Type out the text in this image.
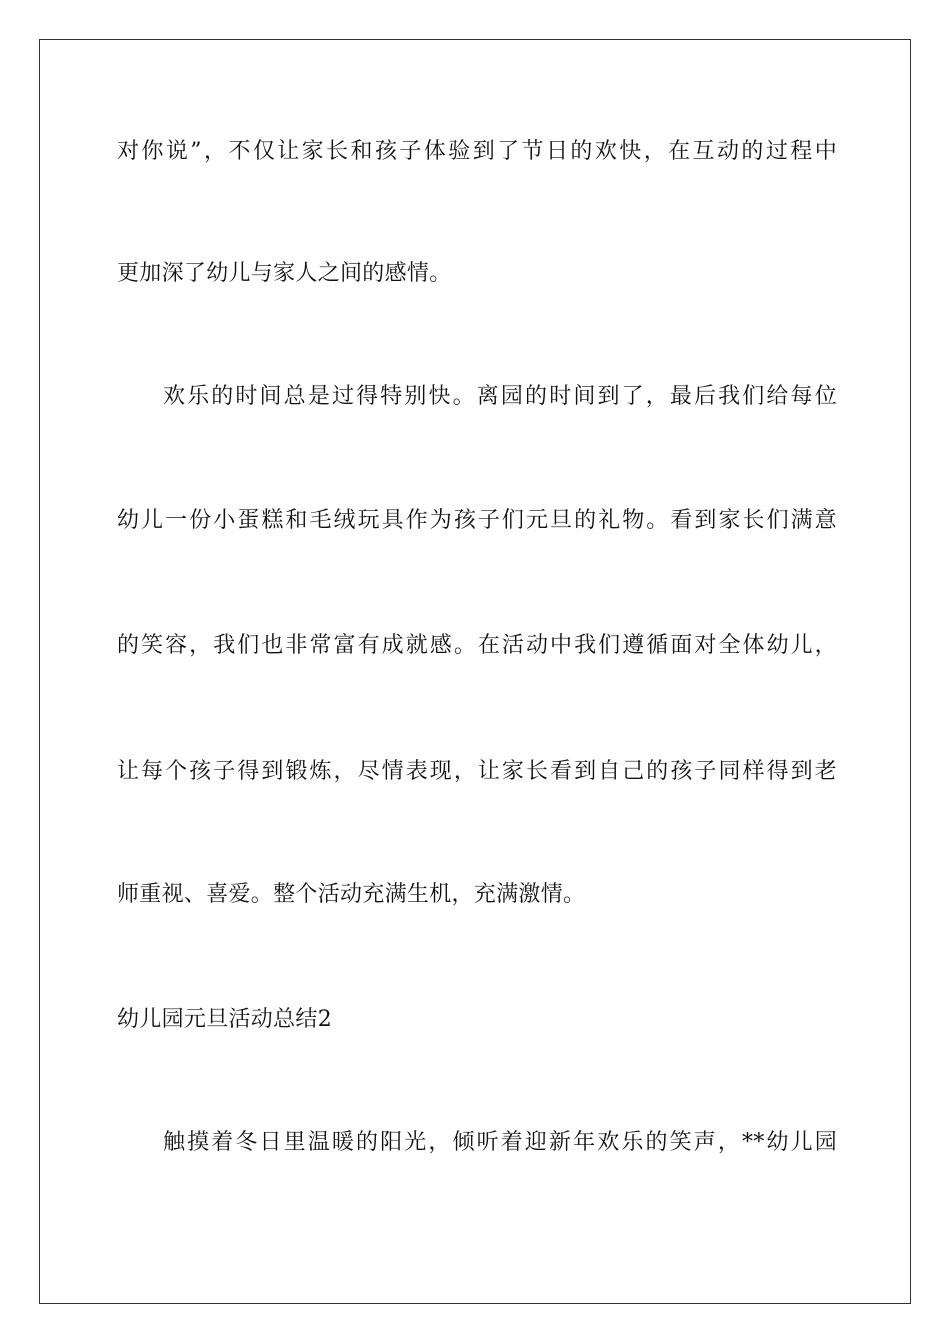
对你说”，不仅让家长和孩子体验到了节日的欢快，在互动的过程中
更加深了幼儿与家人之间的感情。
欢乐的时间总是过得特别快。离园的时间到了，最后我们给每位
幼儿一份小蛋糕和毛绒玩具作为孩子们元旦的礼物。看到家长们满意
的笑容，我们也非常富有成就感。在活动中我们遵循面对全体幼儿，
让每个孩子得到锻炼，尽情表现，让家长看到自己的孩子同样得到老
师重视、喜爱。整个活动充满生机，充满激情。
幼儿园元旦活动总结2
触摸着冬日里温暖的阳光，倾听着迎新年欢乐的笑声，**幼儿园
